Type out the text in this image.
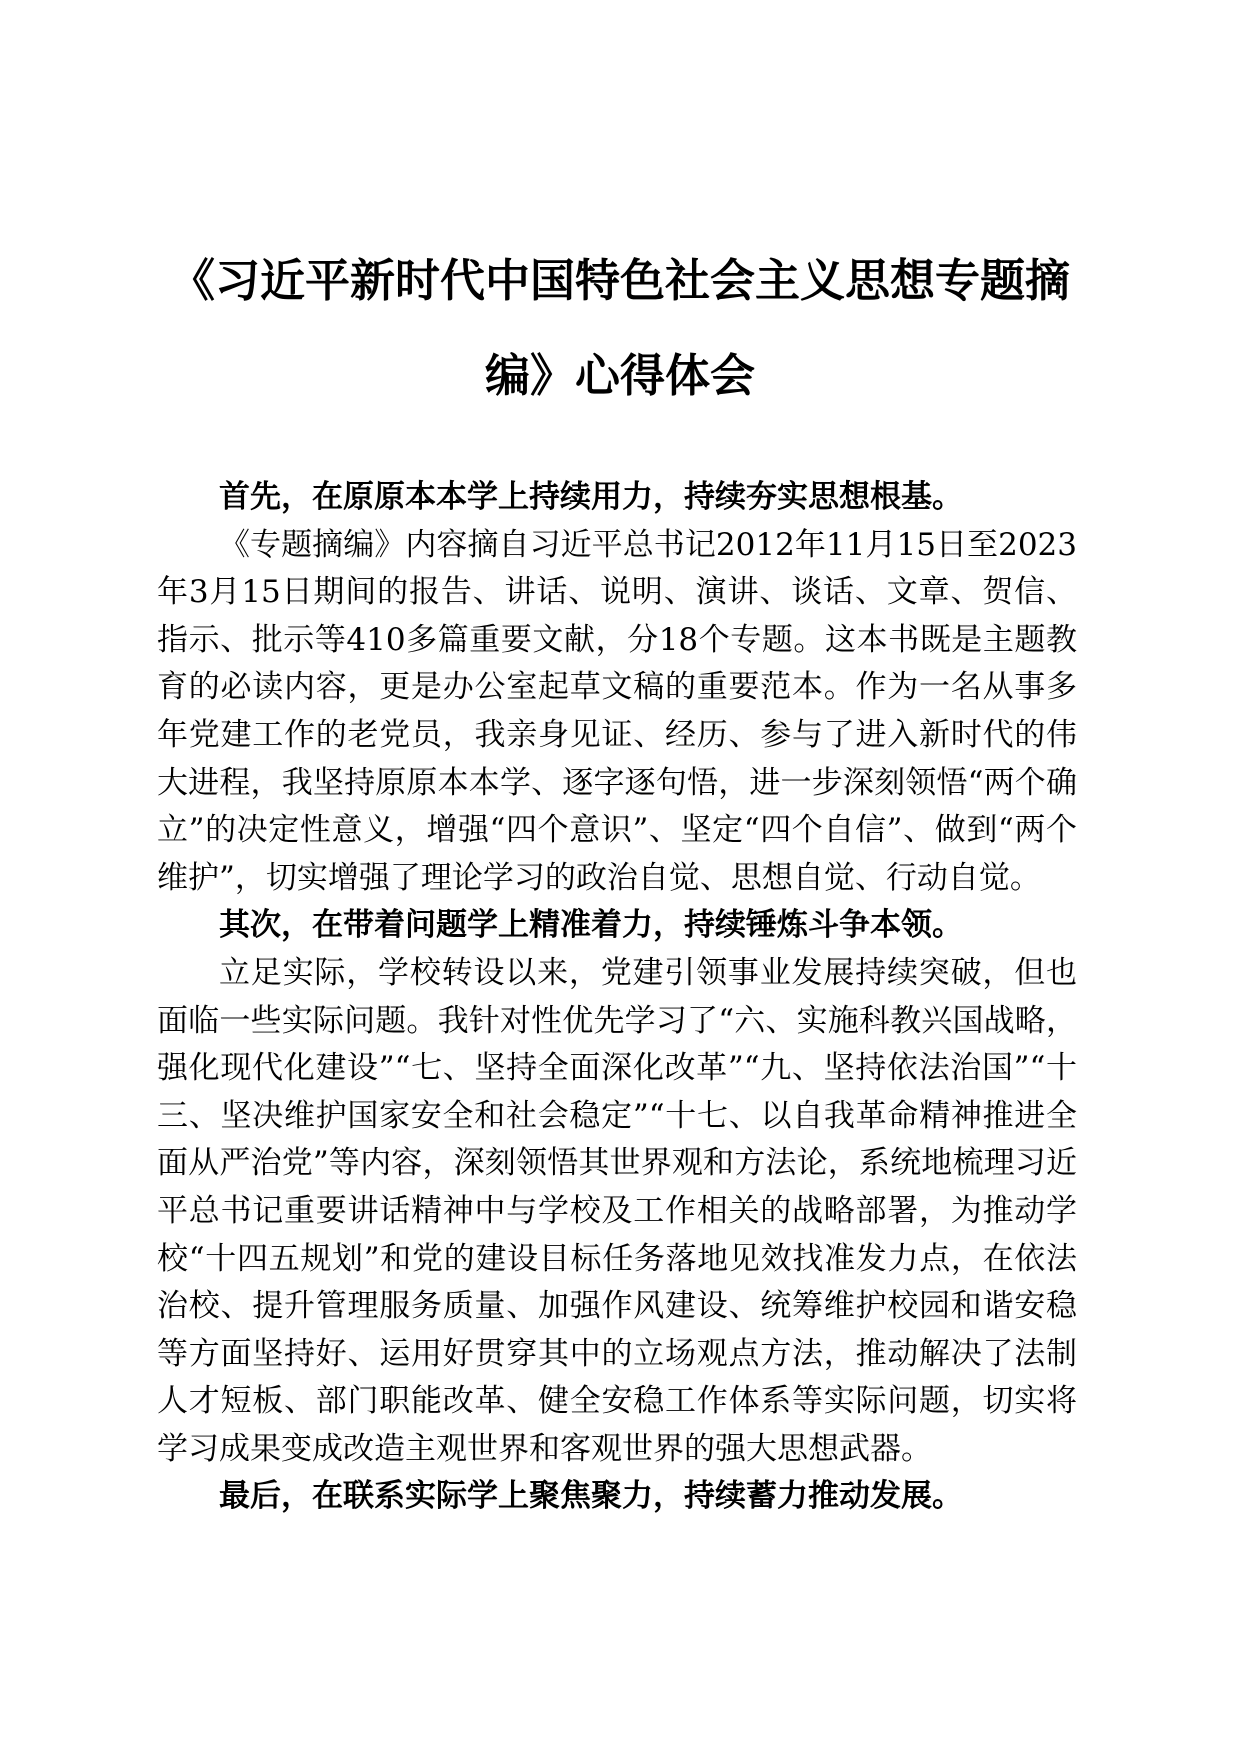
《习近平新时代中国特色社会主义思想专题摘编》心得体会

首先，在原原本本学上持续用力，持续夯实思想根基。

《专题摘编》内容摘自习近平总书记2012年11月15日至2023年3月15日期间的报告、讲话、说明、演讲、谈话、文章、贺信、指示、批示等410多篇重要文献，分18个专题。这本书既是主题教育的必读内容，更是办公室起草文稿的重要范本。作为一名从事多年党建工作的老党员，我亲身见证、经历、参与了进入新时代的伟大进程，我坚持原原本本学、逐字逐句悟，进一步深刻领悟“两个确立”的决定性意义，增强“四个意识”、坚定“四个自信”、做到“两个维护”，切实增强了理论学习的政治自觉、思想自觉、行动自觉。

其次，在带着问题学上精准着力，持续锤炼斗争本领。

立足实际，学校转设以来，党建引领事业发展持续突破，但也面临一些实际问题。我针对性优先学习了“六、实施科教兴国战略，强化现代化建设”“七、坚持全面深化改革”“九、坚持依法治国”“十三、坚决维护国家安全和社会稳定”“十七、以自我革命精神推进全面从严治党”等内容，深刻领悟其世界观和方法论，系统地梳理习近平总书记重要讲话精神中与学校及工作相关的战略部署，为推动学校“十四五规划”和党的建设目标任务落地见效找准发力点，在依法治校、提升管理服务质量、加强作风建设、统筹维护校园和谐安稳等方面坚持好、运用好贯穿其中的立场观点方法，推动解决了法制人才短板、部门职能改革、健全安稳工作体系等实际问题，切实将学习成果变成改造主观世界和客观世界的强大思想武器。

最后，在联系实际学上聚焦聚力，持续蓄力推动发展。
